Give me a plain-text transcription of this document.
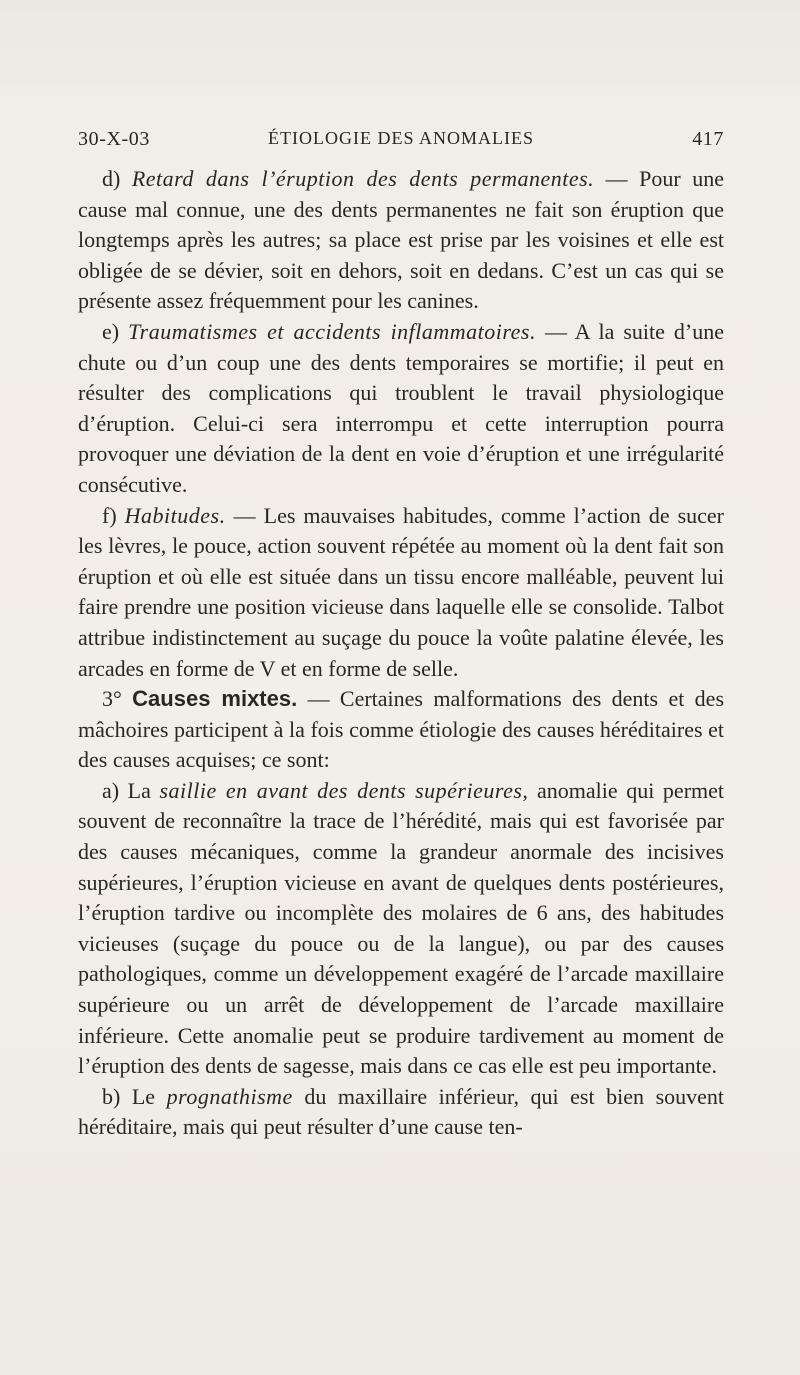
30-X-03	ÉTIOLOGIE DES ANOMALIES	417

d) Retard dans l’éruption des dents permanentes. — Pour une cause mal connue, une des dents permanentes ne fait son éruption que longtemps après les autres; sa place est prise par les voisines et elle est obligée de se dévier, soit en dehors, soit en dedans. C’est un cas qui se présente assez fréquemment pour les canines.

e) Traumatismes et accidents inflammatoires. — A la suite d’une chute ou d’un coup une des dents temporaires se mortifie; il peut en résulter des complications qui troublent le travail physiologique d’éruption. Celui-ci sera interrompu et cette interruption pourra provoquer une déviation de la dent en voie d’éruption et une irrégularité consécutive.

f) Habitudes. — Les mauvaises habitudes, comme l’action de sucer les lèvres, le pouce, action souvent répétée au moment où la dent fait son éruption et où elle est située dans un tissu encore malléable, peuvent lui faire prendre une position vicieuse dans laquelle elle se consolide. Talbot attribue indistinctement au suçage du pouce la voûte palatine élevée, les arcades en forme de V et en forme de selle.

3° Causes mixtes. — Certaines malformations des dents et des mâchoires participent à la fois comme étiologie des causes héréditaires et des causes acquises; ce sont:

a) La saillie en avant des dents supérieures, anomalie qui permet souvent de reconnaître la trace de l’hérédité, mais qui est favorisée par des causes mécaniques, comme la grandeur anormale des incisives supérieures, l’éruption vicieuse en avant de quelques dents postérieures, l’éruption tardive ou incomplète des molaires de 6 ans, des habitudes vicieuses (suçage du pouce ou de la langue), ou par des causes pathologiques, comme un développement exagéré de l’arcade maxillaire supérieure ou un arrêt de développement de l’arcade maxillaire inférieure. Cette anomalie peut se produire tardivement au moment de l’éruption des dents de sagesse, mais dans ce cas elle est peu importante.

b) Le prognathisme du maxillaire inférieur, qui est bien souvent héréditaire, mais qui peut résulter d’une cause ten-
